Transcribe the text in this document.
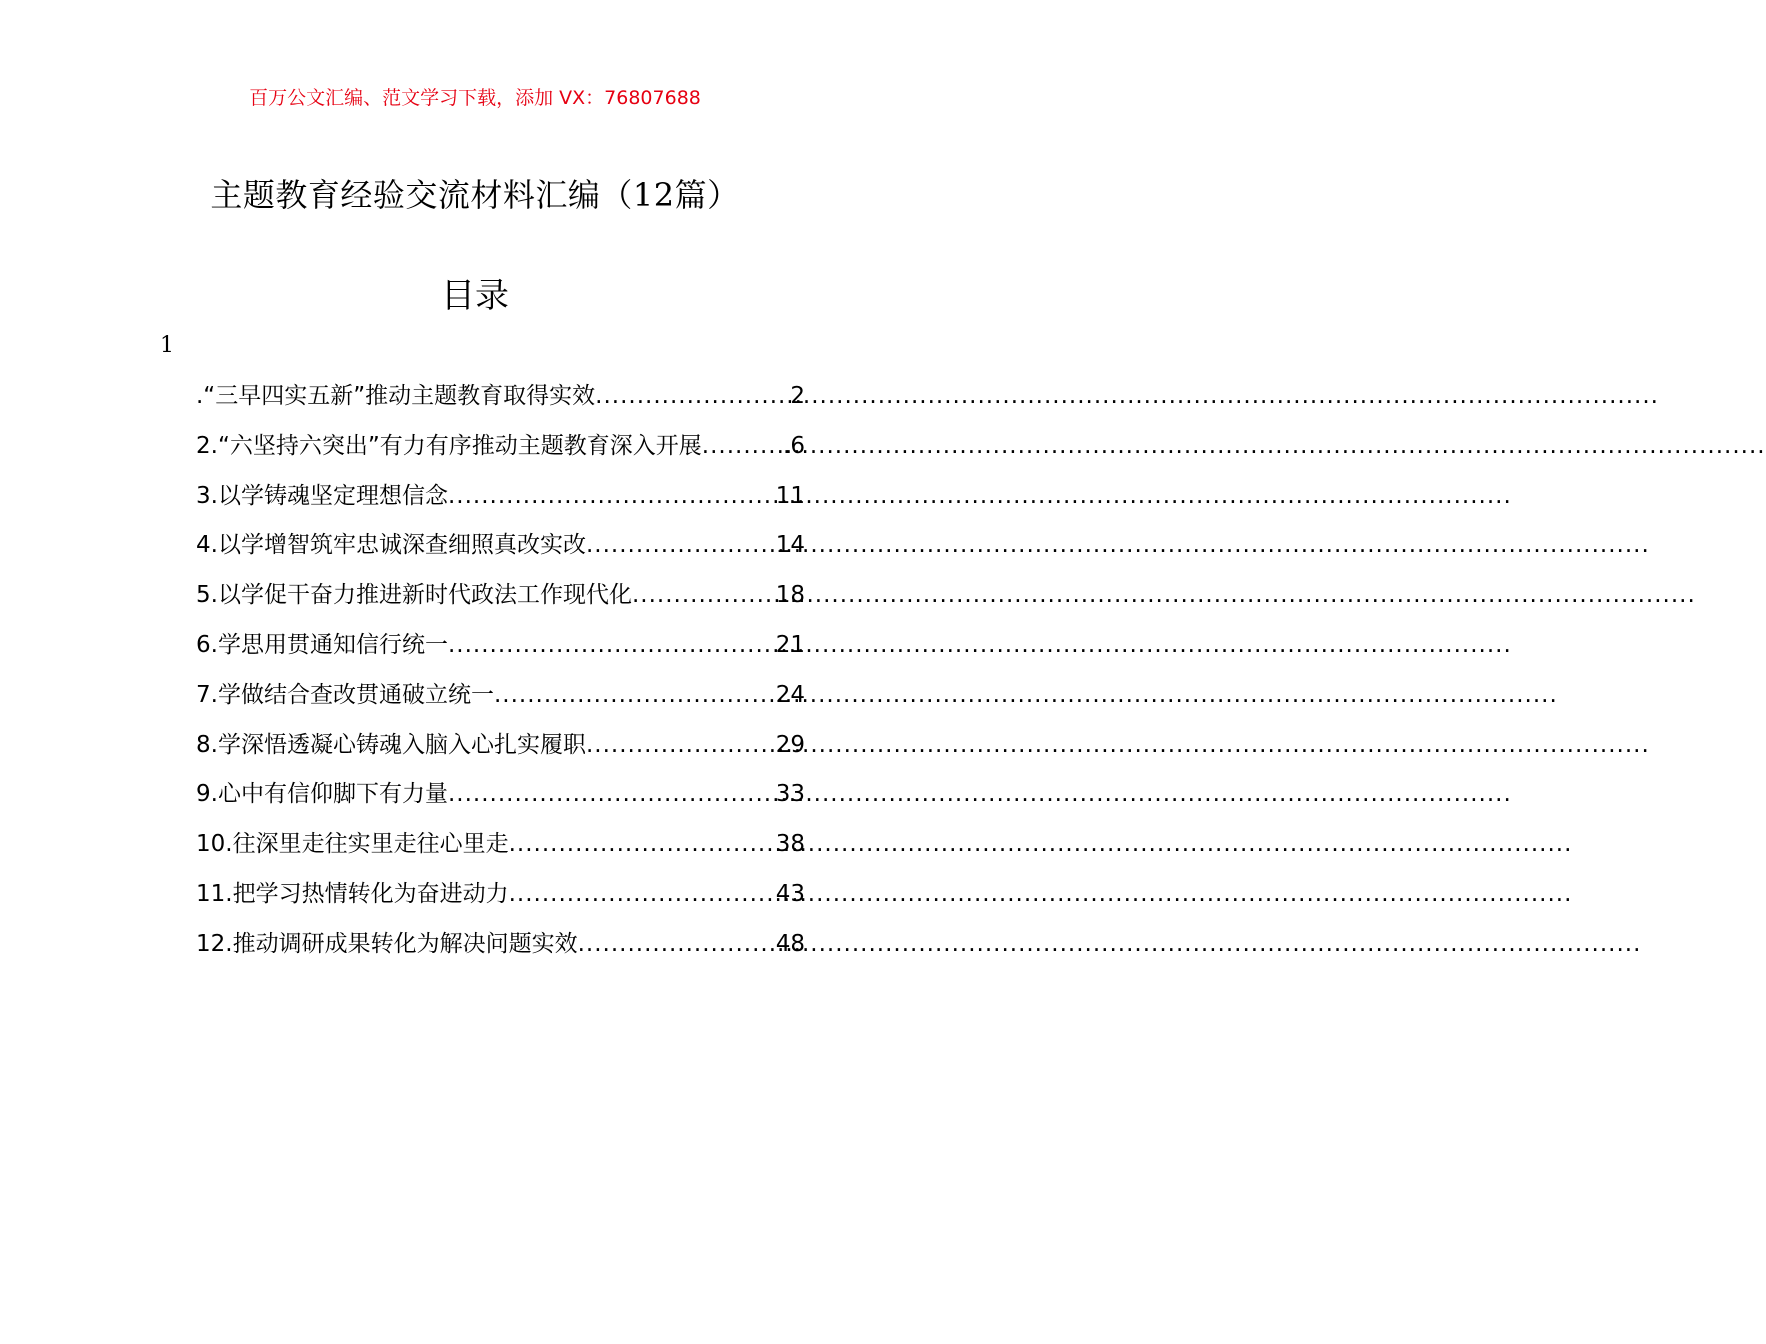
百万公文汇编、范文学习下载，添加 VX：76807688
主题教育经验交流材料汇编（12篇）
目录
1
.“三早四实五新”推动主题教育取得实效 .....	2
2.“六坚持六突出”有力有序推动主题教育深入开展 .....	.6
3.以学铸魂坚定理想信念 .....	11
4.以学增智筑牢忠诚深查细照真改实改 .....	14
5.以学促干奋力推进新时代政法工作现代化 .....	18
6.学思用贯通知信行统一 .....	21
7.学做结合查改贯通破立统一 .....	24
8.学深悟透凝心铸魂入脑入心扎实履职 .....	29
9.心中有信仰脚下有力量 .....	33
10.往深里走往实里走往心里走 .....	38
11.把学习热情转化为奋进动力 .....	43
12.推动调研成果转化为解决问题实效 .....	48
